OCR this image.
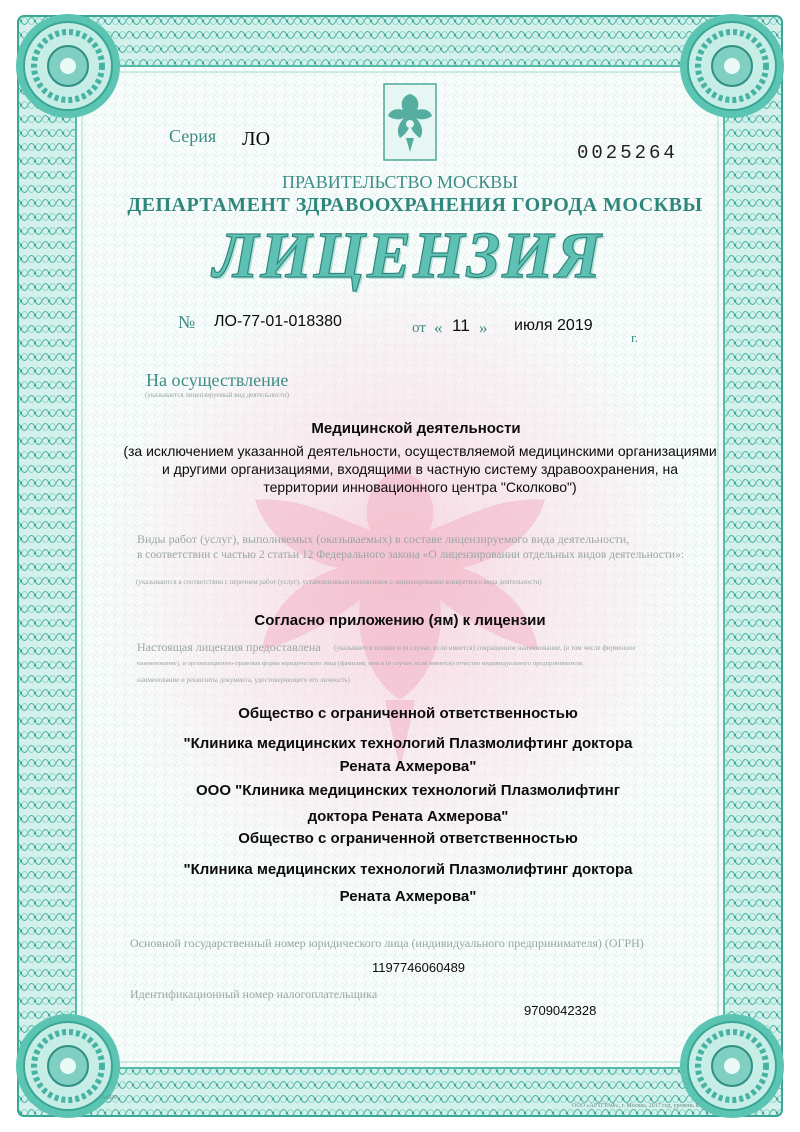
Серия ЛО
0025264
ПРАВИТЕЛЬСТВО МОСКВЫ
ДЕПАРТАМЕНТ ЗДРАВООХРАНЕНИЯ ГОРОДА МОСКВЫ
ЛИЦЕНЗИЯ
№ ЛО-77-01-018380	от « 11 » июля 2019
г.
На осуществление
(указывается лицензируемый вид деятельности)
Медицинской деятельности
(за исключением указанной деятельности, осуществляемой медицинскими организациями
и другими организациями, входящими в частную систему здравоохранения, на
территории инновационного центра "Сколково")
Виды работ (услуг), выполняемых (оказываемых) в составе лицензируемого вида деятельности,
в соответствии с частью 2 статьи 12 Федерального закона «О лицензировании отдельных видов деятельности»:
(указываются в соответствии с перечнем работ (услуг), установленным положением о лицензировании конкретного вида деятельности)
Согласно приложению (ям) к лицензии
Настоящая лицензия предоставлена (указывается полное и (в случае, если имеется) сокращенное наименование, (в том числе фирменное
наименование), и организационно-правовая форма юридического лица (фамилия, имя и (в случае, если имеется) отчество индивидуального предпринимателя,
наименование и реквизиты документа, удостоверяющего его личность)
Общество с ограниченной ответственностью
"Клиника медицинских технологий Плазмолифтинг доктора
Рената Ахмерова"
ООО "Клиника медицинских технологий Плазмолифтинг
доктора Рената Ахмерова"
Общество с ограниченной ответственностью
"Клиника медицинских технологий Плазмолифтинг доктора
Рената Ахмерова"
Основной государственный номер юридического лица (индивидуального предпринимателя) (ОГРН)
1197746060489
Идентификационный номер налогоплательщика
9709042328
A4236
ООО «АРТГРАФ», г. Москва, 2017 год, уровень Б
